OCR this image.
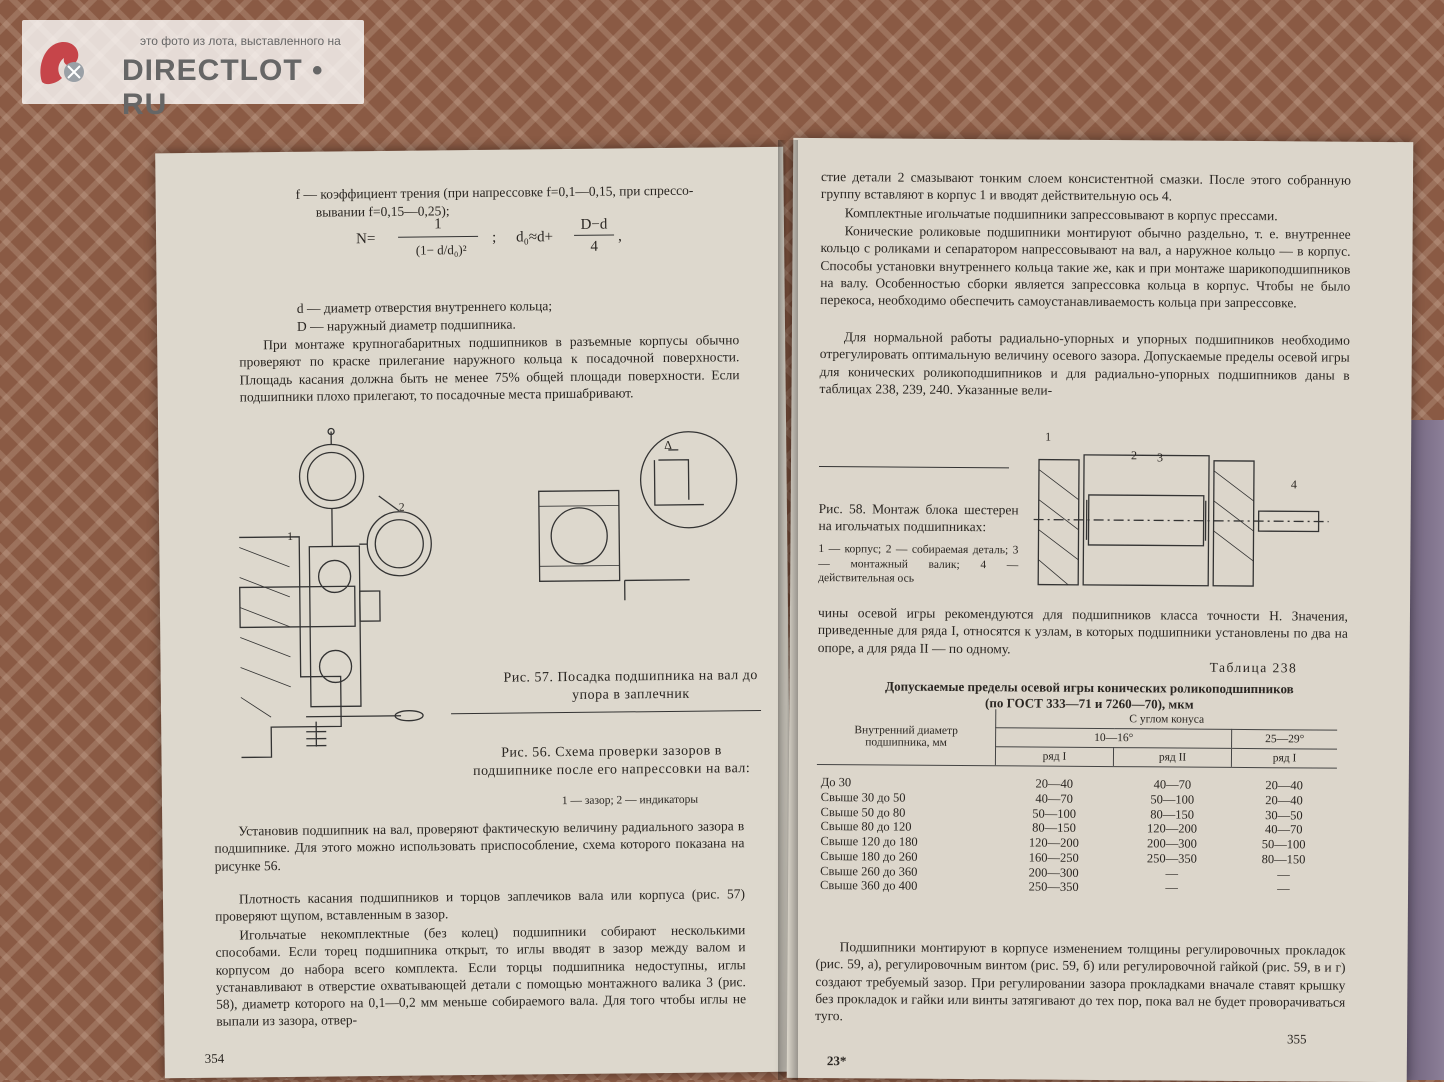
это фото из лота, выставленного на
DIRECTLOT • RU

f — коэффициент трения (при напрессовке f=0,1—0,15, при спрессо-

вывании f=0,15—0,25);

N=
1
(1− d/d₀)²
; d₀≈d+
D−d
4
,

d — диаметр отверстия внутреннего кольца;

D — наружный диаметр подшипника.

При монтаже крупногабаритных подшипников в разъемные корпусы обычно проверяют по краске прилегание наружного кольца к посадочной поверхности. Площадь касания должна быть не менее 75% общей площади поверхности. Если подшипники плохо прилегают, то посадочные места пришабривают.

1
2
Δ

Рис. 57. Посадка подшипника на вал до упора в заплечник

Рис. 56. Схема проверки зазоров в подшипнике после его напрессовки на вал:

1 — зазор; 2 — индикаторы

Установив подшипник на вал, проверяют фактическую величину радиального зазора в подшипнике. Для этого можно использовать приспособление, схема которого показана на рисунке 56.

Плотность касания подшипников и торцов заплечиков вала или корпуса (рис. 57) проверяют щупом, вставленным в зазор.

Игольчатые некомплектные (без колец) подшипники собирают несколькими способами. Если торец подшипника открыт, то иглы вводят в зазор между валом и корпусом до набора всего комплекта. Если торцы подшипника недоступны, иглы устанавливают в отверстие охватывающей детали с помощью монтажного валика 3 (рис. 58), диаметр которого на 0,1—0,2 мм меньше собираемого вала. Для того чтобы иглы не выпали из зазора, отвер-

354

стие детали 2 смазывают тонким слоем консистентной смазки. После этого собранную группу вставляют в корпус 1 и вводят действительную ось 4.

Комплектные игольчатые подшипники запрессовывают в корпус прессами.

Конические роликовые подшипники монтируют обычно раздельно, т. е. внутреннее кольцо с роликами и сепаратором напрессовывают на вал, а наружное кольцо — в корпус. Способы установки внутреннего кольца такие же, как и при монтаже шарикоподшипников на валу. Особенностью сборки является запрессовка кольца в корпус. Чтобы не было перекоса, необходимо обеспечить самоустанавливаемость кольца при запрессовке.

Для нормальной работы радиально-упорных и упорных подшипников необходимо отрегулировать оптимальную величину осевого зазора. Допускаемые пределы осевой игры для конических роликоподшипников и для радиально-упорных подшипников даны в таблицах 238, 239, 240. Указанные вели-

1
2 3
4

Рис. 58. Монтаж блока шестерен на игольчатых подшипниках:

1 — корпус; 2 — собираемая деталь; 3 — монтажный валик; 4 — действительная ось

чины осевой игры рекомендуются для подшипников класса точности Н. Значения, приведенные для ряда I, относятся к узлам, в которых подшипники установлены по два на опоре, а для ряда II — по одному.

Таблица 238

Допускаемые пределы осевой игры конических роликоподшипников

(по ГОСТ 333—71 и 7260—70), мкм

Внутренний диаметр подшипника, мм	С углом конуса		
	10—16°		25—29°
	ряд I	ряд II	ряд I

До 30	20—40	40—70	20—40
Свыше 30 до 50	40—70	50—100	20—40
Свыше 50 до 80	50—100	80—150	30—50
Свыше 80 до 120	80—150	120—200	40—70
Свыше 120 до 180	120—200	200—300	50—100
Свыше 180 до 260	160—250	250—350	80—150
Свыше 260 до 360	200—300	—	—
Свыше 360 до 400	250—350	—	—

Подшипники монтируют в корпусе изменением толщины регулировочных прокладок (рис. 59, а), регулировочным винтом (рис. 59, б) или регулировочной гайкой (рис. 59, в и г) создают требуемый зазор. При регулировании зазора прокладками вначале ставят крышку без прокладок и гайки или винты затягивают до тех пор, пока вал не будет проворачиваться туго.

355
23*
